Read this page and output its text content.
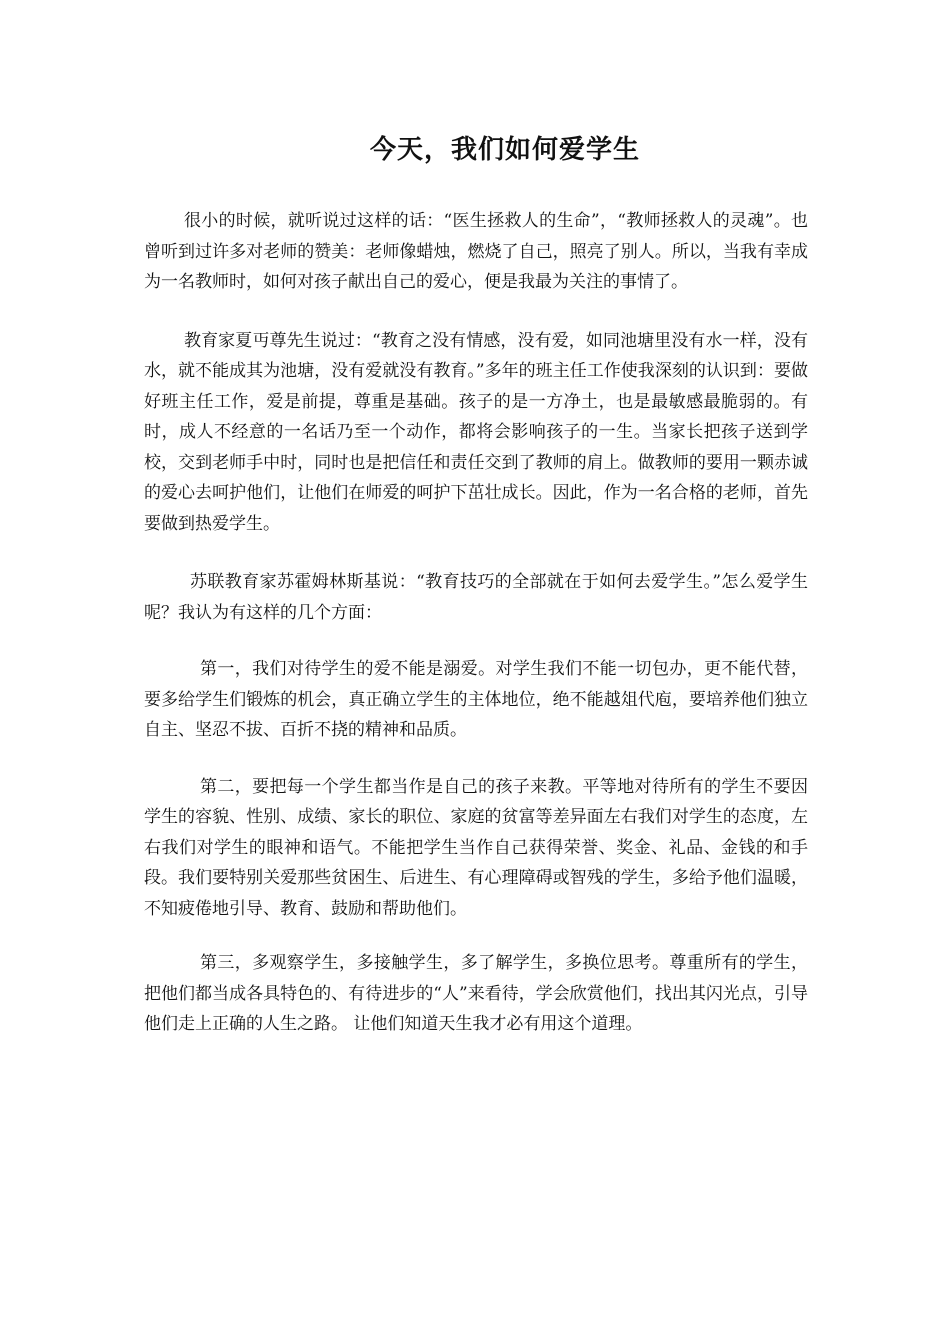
今天，我们如何爱学生

很小的时候，就听说过这样的话：“医生拯救人的生命”，“教师拯救人的灵魂”。也曾听到过许多对老师的赞美：老师像蜡烛，燃烧了自己，照亮了别人。所以，当我有幸成为一名教师时，如何对孩子献出自己的爱心，便是我最为关注的事情了。

教育家夏丏尊先生说过：“教育之没有情感，没有爱，如同池塘里没有水一样，没有水，就不能成其为池塘，没有爱就没有教育。”多年的班主任工作使我深刻的认识到：要做好班主任工作，爱是前提，尊重是基础。孩子的是一方净土，也是最敏感最脆弱的。有时，成人不经意的一名话乃至一个动作，都将会影响孩子的一生。当家长把孩子送到学校，交到老师手中时，同时也是把信任和责任交到了教师的肩上。做教师的要用一颗赤诚的爱心去呵护他们，让他们在师爱的呵护下茁壮成长。因此，作为一名合格的老师，首先要做到热爱学生。

苏联教育家苏霍姆林斯基说：“教育技巧的全部就在于如何去爱学生。”怎么爱学生呢？我认为有这样的几个方面：

第一，我们对待学生的爱不能是溺爱。对学生我们不能一切包办，更不能代替，要多给学生们锻炼的机会，真正确立学生的主体地位，绝不能越俎代庖，要培养他们独立自主、坚忍不拔、百折不挠的精神和品质。

第二，要把每一个学生都当作是自己的孩子来教。平等地对待所有的学生不要因学生的容貌、性别、成绩、家长的职位、家庭的贫富等差异面左右我们对学生的态度，左右我们对学生的眼神和语气。不能把学生当作自己获得荣誉、奖金、礼品、金钱的和手段。我们要特别关爱那些贫困生、后进生、有心理障碍或智残的学生，多给予他们温暖，不知疲倦地引导、教育、鼓励和帮助他们。

第三，多观察学生，多接触学生，多了解学生，多换位思考。尊重所有的学生，把他们都当成各具特色的、有待进步的“人”来看待，学会欣赏他们，找出其闪光点，引导他们走上正确的人生之路。 让他们知道天生我才必有用这个道理。
